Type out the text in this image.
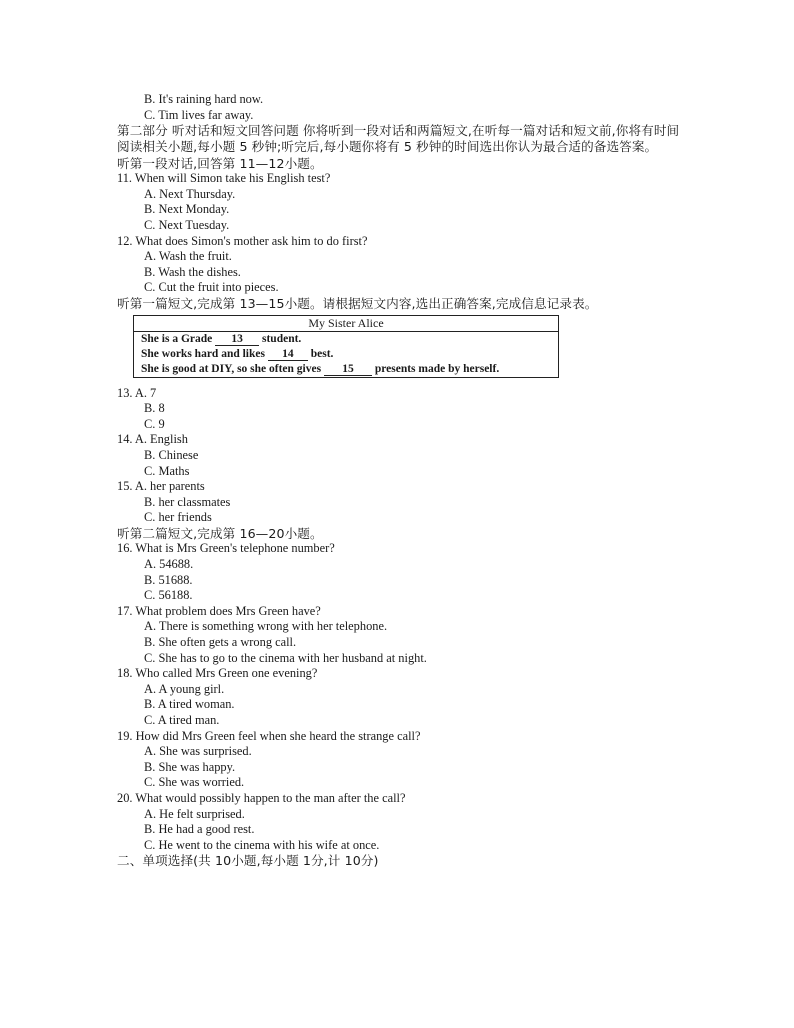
B. It's raining hard now.
C. Tim lives far away.
第二部分 听对话和短文回答问题 你将听到一段对话和两篇短文,在听每一篇对话和短文前,你将有时间阅读相关小题,每小题 5 秒钟;听完后,每小题你将有 5 秒钟的时间选出你认为最合适的备选答案。
听第一段对话,回答第 11—12小题。
11. When will Simon take his English test?
A. Next Thursday.
B. Next Monday.
C. Next Tuesday.
12. What does Simon's mother ask him to do first?
A. Wash the fruit.
B. Wash the dishes.
C. Cut the fruit into pieces.
听第一篇短文,完成第 13—15小题。请根据短文内容,选出正确答案,完成信息记录表。
My Sister Alice
She is a Grade 13 student.
She works hard and likes 14 best.
She is good at DIY, so she often gives 15 presents made by herself.
13. A. 7
B. 8
C. 9
14. A. English
B. Chinese
C. Maths
15. A. her parents
B. her classmates
C. her friends
听第二篇短文,完成第 16—20小题。
16. What is Mrs Green's telephone number?
A. 54688.
B. 51688.
C. 56188.
17. What problem does Mrs Green have?
A. There is something wrong with her telephone.
B. She often gets a wrong call.
C. She has to go to the cinema with her husband at night.
18. Who called Mrs Green one evening?
A. A young girl.
B. A tired woman.
C. A tired man.
19. How did Mrs Green feel when she heard the strange call?
A. She was surprised.
B. She was happy.
C. She was worried.
20. What would possibly happen to the man after the call?
A. He felt surprised.
B. He had a good rest.
C. He went to the cinema with his wife at once.
二、单项选择(共 10小题,每小题 1分,计 10分)
